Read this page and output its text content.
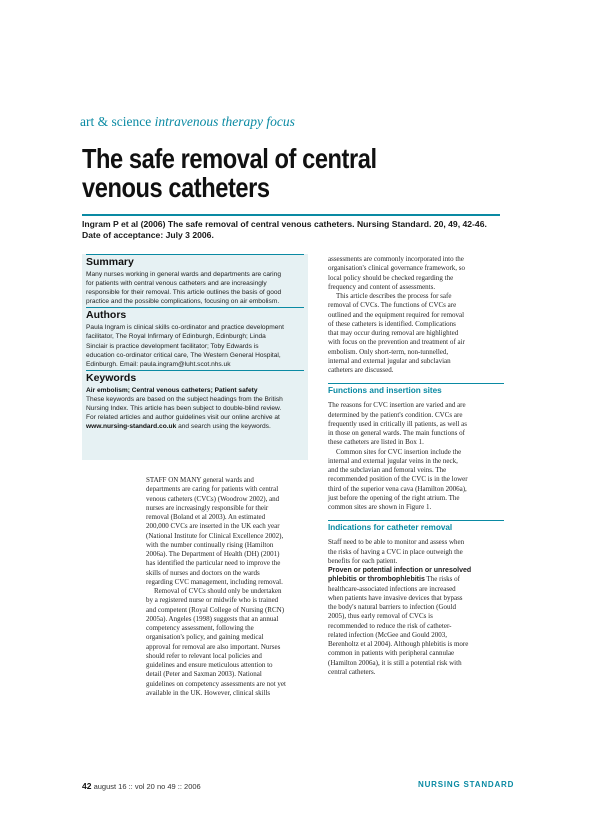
art & science intravenous therapy focus
The safe removal of central
venous catheters
Ingram P et al (2006) The safe removal of central venous catheters. Nursing Standard. 20, 49, 42-46.
Date of acceptance: July 3 2006.
Summary

Many nurses working in general wards and departments are caring
for patients with central venous catheters and are increasingly
responsible for their removal. This article outlines the basis of good
practice and the possible complications, focusing on air embolism.

Authors

Paula Ingram is clinical skills co-ordinator and practice development
facilitator, The Royal Infirmary of Edinburgh, Edinburgh; Linda
Sinclair is practice development facilitator; Toby Edwards is
education co-ordinator critical care, The Western General Hospital,
Edinburgh. Email: paula.ingram@luht.scot.nhs.uk

Keywords

Air embolism; Central venous catheters; Patient safety
These keywords are based on the subject headings from the British
Nursing Index. This article has been subject to double-blind review.
For related articles and author guidelines visit our online archive at
www.nursing-standard.co.uk and search using the keywords.

STAFF ON MANY general wards and
departments are caring for patients with central
venous catheters (CVCs) (Woodrow 2002), and
nurses are increasingly responsible for their
removal (Boland et al 2003). An estimated
200,000 CVCs are inserted in the UK each year
(National Institute for Clinical Excellence 2002),
with the number continually rising (Hamilton
2006a). The Department of Health (DH) (2001)
has identified the particular need to improve the
skills of nurses and doctors on the wards
regarding CVC management, including removal.
Removal of CVCs should only be undertaken
by a registered nurse or midwife who is trained
and competent (Royal College of Nursing (RCN)
2005a). Angeles (1998) suggests that an annual
competency assessment, following the
organisation's policy, and gaining medical
approval for removal are also important. Nurses
should refer to relevant local policies and
guidelines and ensure meticulous attention to
detail (Peter and Saxman 2003). National
guidelines on competency assessments are not yet
available in the UK. However, clinical skills
assessments are commonly incorporated into the
organisation's clinical governance framework, so
local policy should be checked regarding the
frequency and content of assessments.
This article describes the process for safe
removal of CVCs. The functions of CVCs are
outlined and the equipment required for removal
of these catheters is identified. Complications
that may occur during removal are highlighted
with focus on the prevention and treatment of air
embolism. Only short-term, non-tunnelled,
internal and external jugular and subclavian
catheters are discussed.
Functions and insertion sites
The reasons for CVC insertion are varied and are
determined by the patient's condition. CVCs are
frequently used in critically ill patients, as well as
in those on general wards. The main functions of
these catheters are listed in Box 1.
Common sites for CVC insertion include the
internal and external jugular veins in the neck,
and the subclavian and femoral veins. The
recommended position of the CVC is in the lower
third of the superior vena cava (Hamilton 2006a),
just before the opening of the right atrium. The
common sites are shown in Figure 1.
Indications for catheter removal
Staff need to be able to monitor and assess when
the risks of having a CVC in place outweigh the
benefits for each patient.
Proven or potential infection or unresolved
phlebitis or thrombophlebitis The risks of
healthcare-associated infections are increased
when patients have invasive devices that bypass
the body's natural barriers to infection (Gould
2005), thus early removal of CVCs is
recommended to reduce the risk of catheter-
related infection (McGee and Gould 2003,
Berenholtz et al 2004). Although phlebitis is more
common in patients with peripheral cannulae
(Hamilton 2006a), it is still a potential risk with
central catheters.
42 august 16 :: vol 20 no 49 :: 2006	NURSING STANDARD
